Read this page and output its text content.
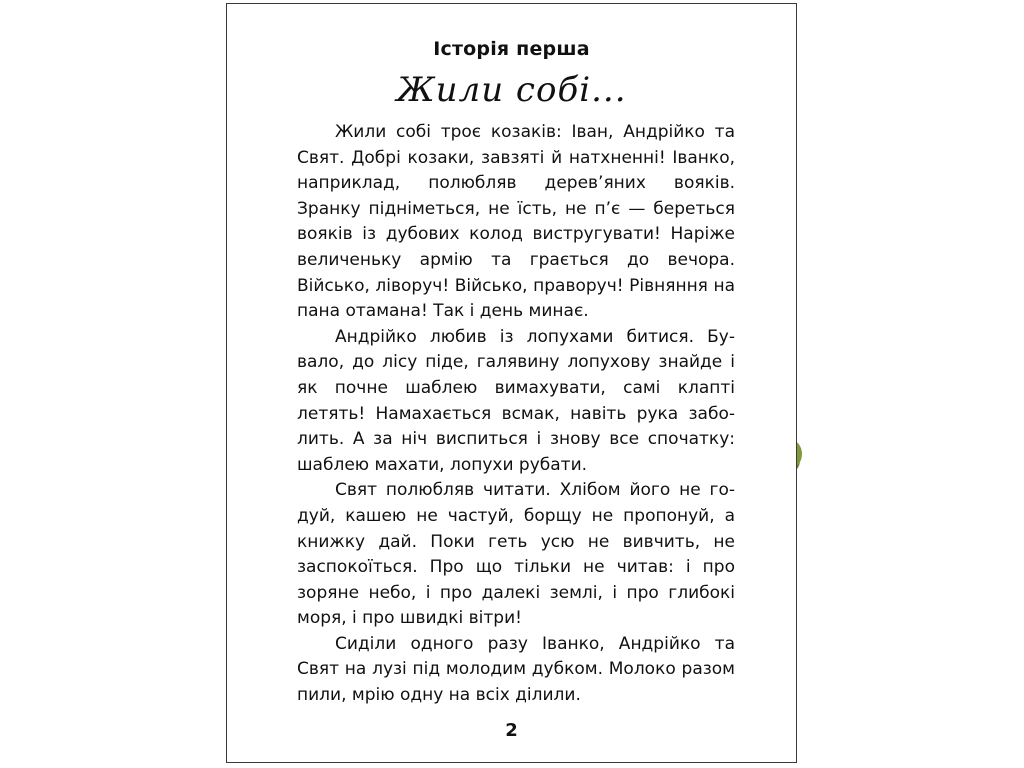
Історія перша
Жили собі...

Жили собі троє козаків: Іван, Андрійко та Свят. Добрі козаки, завзяті й натхненні! Іванко, наприклад, полюбляв дерев’яних вояків. Зранку підніметься, не їсть, не п’є — береться вояків із дубових колод вистругувати! Наріже величеньку армію та грається до вечора. Військо, ліворуч! Військо, праворуч! Рівняння на пана отамана! Так і день минає.

Андрійко любив із лопухами битися. Бувало, до лісу піде, галявину лопухову знайде і як почне шаблею вимахувати, самі клапті летять! Намахається всмак, навіть рука заболить. А за ніч виспиться і знову все спочатку: шаблею махати, лопухи рубати.

Свят полюбляв читати. Хлібом його не годуй, кашею не частуй, борщу не пропонуй, а книжку дай. Поки геть усю не вивчить, не заспокоїться. Про що тільки не читав: і про зоряне небо, і про далекі землі, і про глибокі моря, і про швидкі вітри!

Сиділи одного разу Іванко, Андрійко та Свят на лузі під молодим дубком. Молоко разом пили, мрію одну на всіх ділили.

2
